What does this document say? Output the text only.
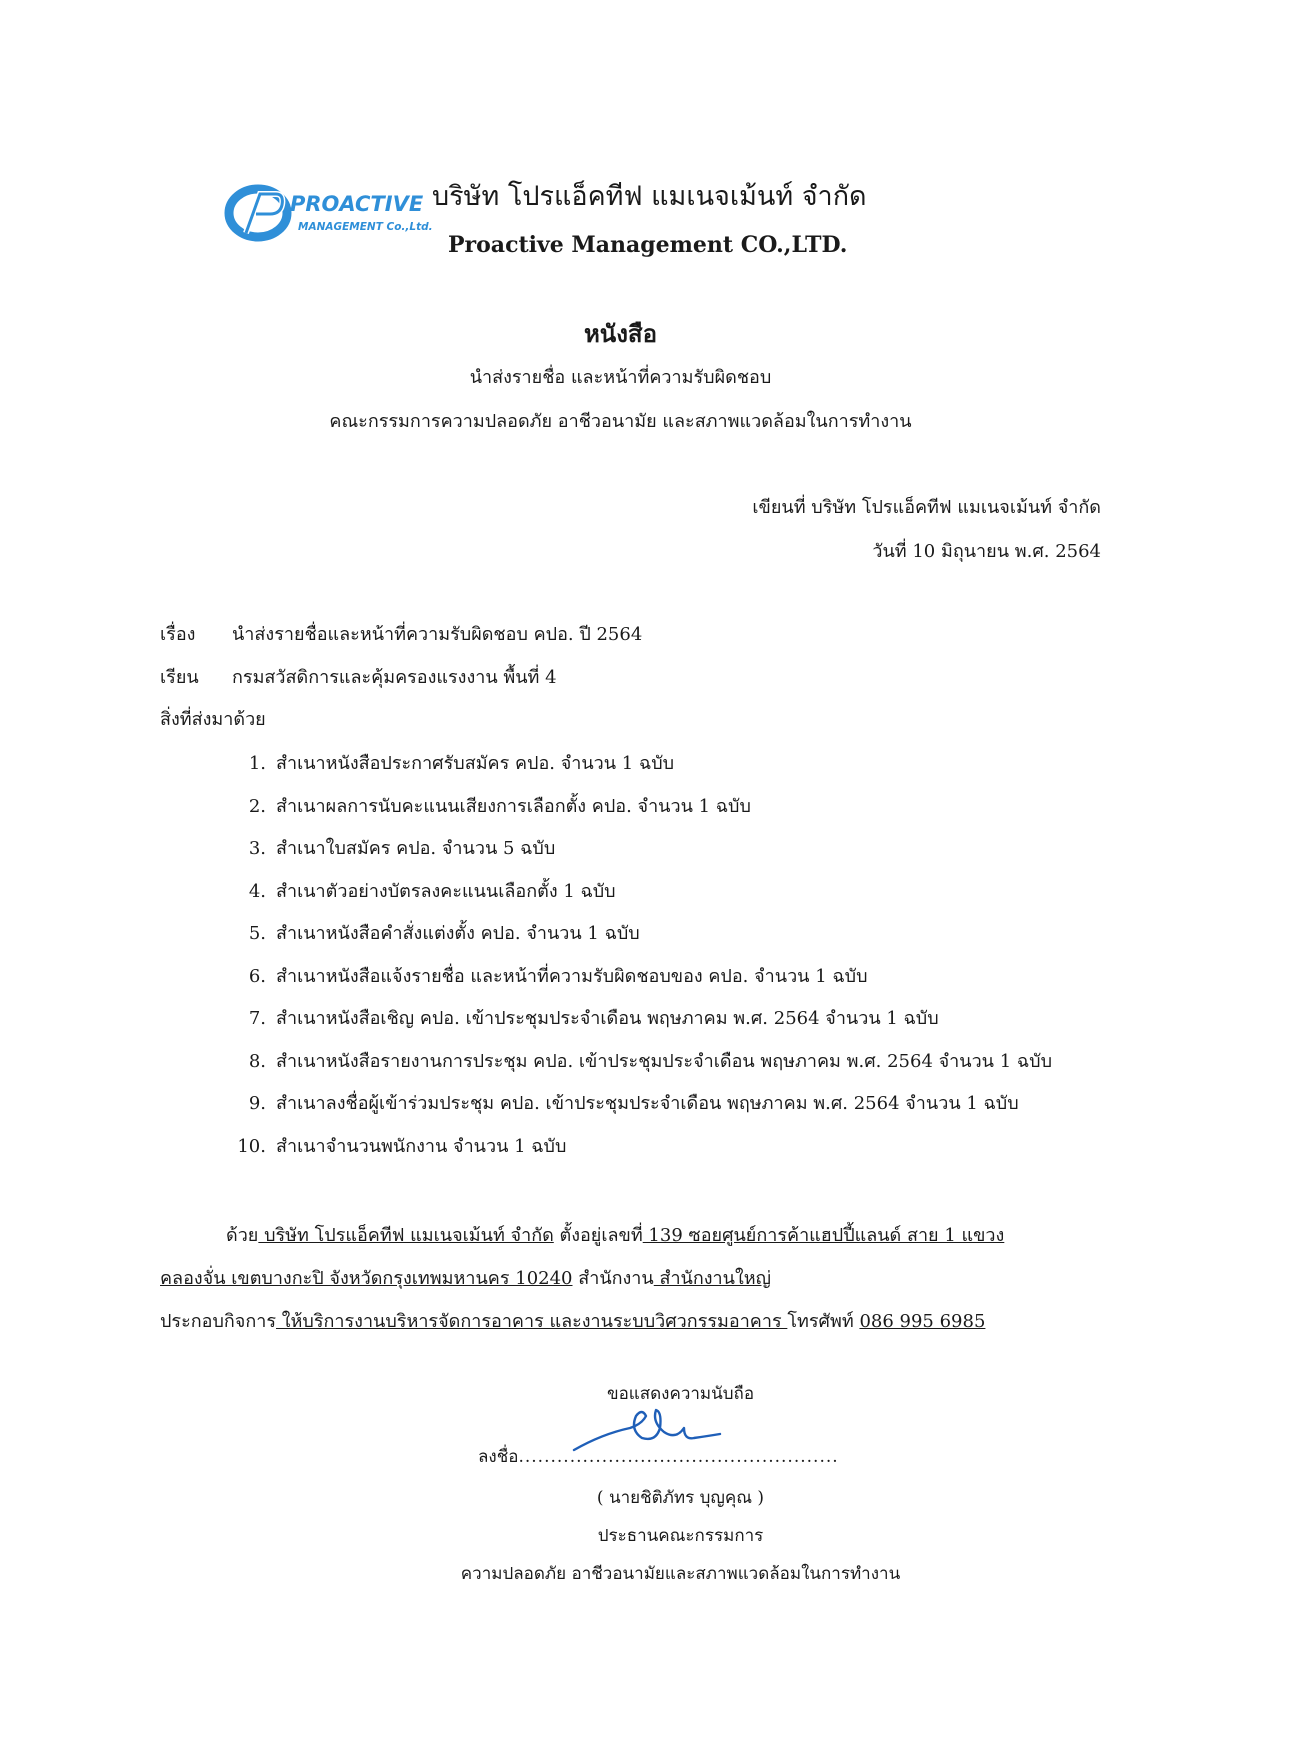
PROACTIVE
MANAGEMENT Co.,Ltd.
บริษัท โปรแอ็คทีฟ แมเนจเม้นท์ จำกัด
Proactive Management CO.,LTD.
หนังสือ
นำส่งรายชื่อ และหน้าที่ความรับผิดชอบ
คณะกรรมการความปลอดภัย อาชีวอนามัย และสภาพแวดล้อมในการทำงาน
เขียนที่ บริษัท โปรแอ็คทีฟ แมเนจเม้นท์ จำกัด
วันที่ 10 มิถุนายน พ.ศ. 2564
เรื่อง นำส่งรายชื่อและหน้าที่ความรับผิดชอบ คปอ. ปี 2564
เรียน กรมสวัสดิการและคุ้มครองแรงงาน พื้นที่ 4
สิ่งที่ส่งมาด้วย
1. สำเนาหนังสือประกาศรับสมัคร คปอ. จำนวน 1 ฉบับ
2. สำเนาผลการนับคะแนนเสียงการเลือกตั้ง คปอ. จำนวน 1 ฉบับ
3. สำเนาใบสมัคร คปอ. จำนวน 5 ฉบับ
4. สำเนาตัวอย่างบัตรลงคะแนนเลือกตั้ง 1 ฉบับ
5. สำเนาหนังสือคำสั่งแต่งตั้ง คปอ. จำนวน 1 ฉบับ
6. สำเนาหนังสือแจ้งรายชื่อ และหน้าที่ความรับผิดชอบของ คปอ. จำนวน 1 ฉบับ
7. สำเนาหนังสือเชิญ คปอ. เข้าประชุมประจำเดือน พฤษภาคม พ.ศ. 2564 จำนวน 1 ฉบับ
8. สำเนาหนังสือรายงานการประชุม คปอ. เข้าประชุมประจำเดือน พฤษภาคม พ.ศ. 2564 จำนวน 1 ฉบับ
9. สำเนาลงชื่อผู้เข้าร่วมประชุม คปอ. เข้าประชุมประจำเดือน พฤษภาคม พ.ศ. 2564 จำนวน 1 ฉบับ
10. สำเนาจำนวนพนักงาน จำนวน 1 ฉบับ
ด้วย บริษัท โปรแอ็คทีฟ แมเนจเม้นท์ จำกัด ตั้งอยู่เลขที่ 139 ซอยศูนย์การค้าแฮปปี้แลนด์ สาย 1 แขวง
คลองจั่น เขตบางกะปิ จังหวัดกรุงเทพมหานคร 10240 สำนักงาน สำนักงานใหญ่
ประกอบกิจการ ให้บริการงานบริหารจัดการอาคาร และงานระบบวิศวกรรมอาคาร โทรศัพท์ 086 995 6985
ขอแสดงความนับถือ
ลงชื่อ..................................................
( นายชิติภัทร บุญคุณ )
ประธานคณะกรรมการ
ความปลอดภัย อาชีวอนามัยและสภาพแวดล้อมในการทำงาน
